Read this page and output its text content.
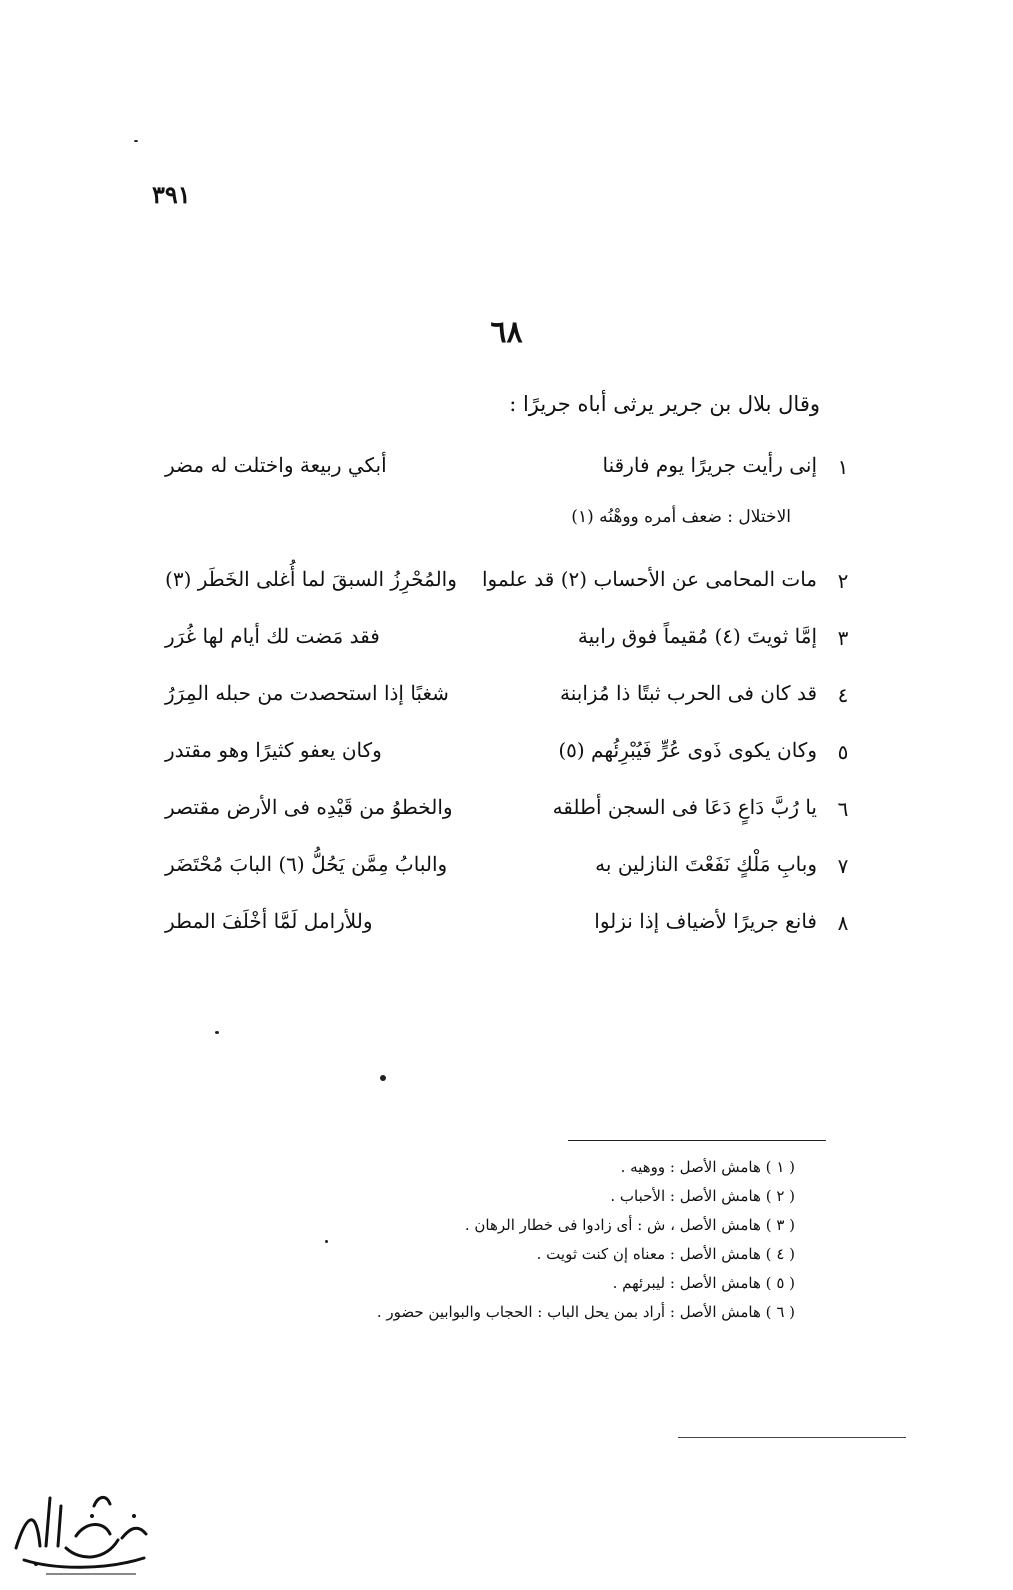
٣٩١
٦٨
وقال بلال بن جرير يرثى أباه جريرًا :
١
إنى رأيت جريرًا يوم فارقنا
أبكي ربيعة واختلت له مضر
٢
مات المحامى عن الأحساب (٢) قد علموا
والمُحْرِزُ السبقَ لما أُغلى الخَطَر (٣)
٣
إمَّا ثويتَ (٤) مُقيماً فوق رابية
فقد مَضت لك أيام لها غُرَر
٤
قد كان فى الحرب ثبتًا ذا مُزابنة
شغبًا إذا استحصدت من حبله المِرَرُ
٥
وكان يكوى ذَوى عُرٍّ فَيُبْرِئُهم (٥)
وكان يعفو كثيرًا وهو مقتدر
٦
يا رُبَّ دَاعٍ دَعَا فى السجن أطلقه
والخطوُ من قَيْدِه فى الأرض مقتصر
٧
وبابِ مَلْكٍ نَفَعْتَ النازلين به
والبابُ مِمَّن يَحُلُّ (٦) البابَ مُحْتَضَر
٨
فانع جريرًا لأضياف إذا نزلوا
وللأرامل لَمَّا أخْلَفَ المطر
الاختلال : ضعف أمره ووهْنُه (١)
( ١ ) هامش الأصل : ووهيه .
( ٢ ) هامش الأصل : الأحباب .
( ٣ ) هامش الأصل ، ش : أى زادوا فى خطار الرهان .
( ٤ ) هامش الأصل : معناه إن كنت ثويت .
( ٥ ) هامش الأصل : ليبرئهم .
( ٦ ) هامش الأصل : أراد بمن يحل الباب : الحجاب والبوابين حضور .
